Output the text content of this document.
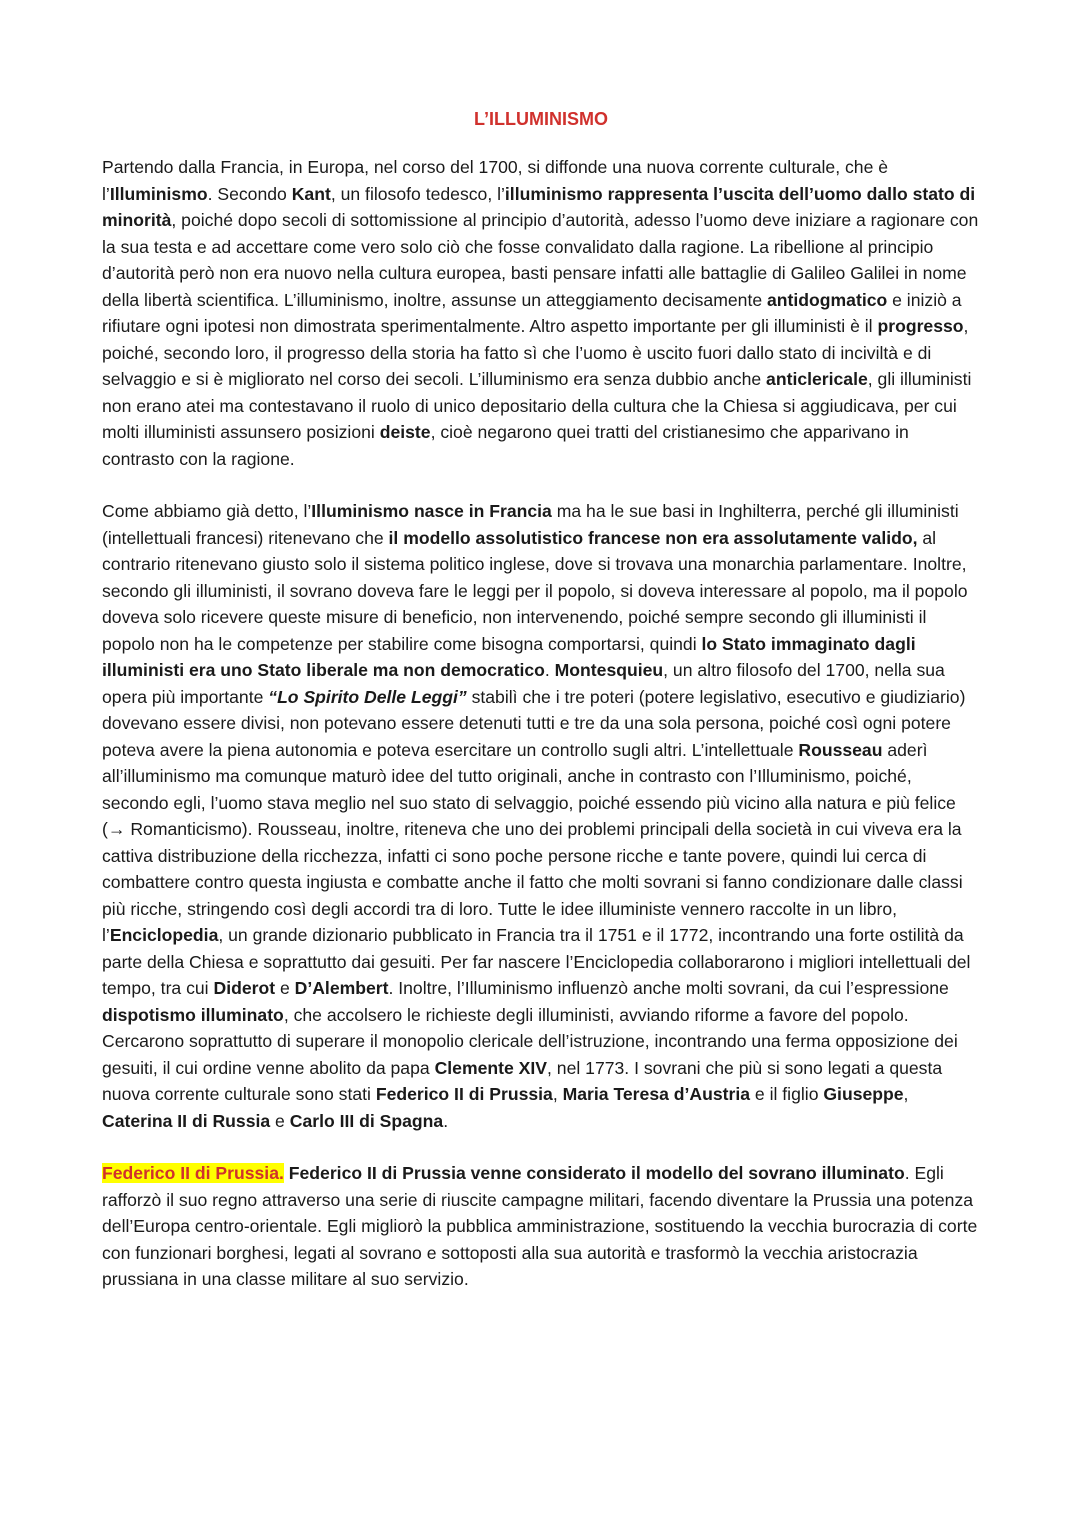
L’ILLUMINISMO

Partendo dalla Francia, in Europa, nel corso del 1700, si diffonde una nuova corrente culturale, che è l’Illuminismo. Secondo Kant, un filosofo tedesco, l’illuminismo rappresenta l’uscita dell’uomo dallo stato di minorità, poiché dopo secoli di sottomissione al principio d’autorità, adesso l’uomo deve iniziare a ragionare con la sua testa e ad accettare come vero solo ciò che fosse convalidato dalla ragione. La ribellione al principio d’autorità però non era nuovo nella cultura europea, basti pensare infatti alle battaglie di Galileo Galilei in nome della libertà scientifica. L’illuminismo, inoltre, assunse un atteggiamento decisamente antidogmatico e iniziò a rifiutare ogni ipotesi non dimostrata sperimentalmente. Altro aspetto importante per gli illuministi è il progresso, poiché, secondo loro, il progresso della storia ha fatto sì che l’uomo è uscito fuori dallo stato di inciviltà e di selvaggio e si è migliorato nel corso dei secoli. L’illuminismo era senza dubbio anche anticlericale, gli illuministi non erano atei ma contestavano il ruolo di unico depositario della cultura che la Chiesa si aggiudicava, per cui molti illuministi assunsero posizioni deiste, cioè negarono quei tratti del cristianesimo che apparivano in contrasto con la ragione.

Come abbiamo già detto, l’Illuminismo nasce in Francia ma ha le sue basi in Inghilterra, perché gli illuministi (intellettuali francesi) ritenevano che il modello assolutistico francese non era assolutamente valido, al contrario ritenevano giusto solo il sistema politico inglese, dove si trovava una monarchia parlamentare. Inoltre, secondo gli illuministi, il sovrano doveva fare le leggi per il popolo, si doveva interessare al popolo, ma il popolo doveva solo ricevere queste misure di beneficio, non intervenendo, poiché sempre secondo gli illuministi il popolo non ha le competenze per stabilire come bisogna comportarsi, quindi lo Stato immaginato dagli illuministi era uno Stato liberale ma non democratico. Montesquieu, un altro filosofo del 1700, nella sua opera più importante “Lo Spirito Delle Leggi” stabilì che i tre poteri (potere legislativo, esecutivo e giudiziario) dovevano essere divisi, non potevano essere detenuti tutti e tre da una sola persona, poiché così ogni potere poteva avere la piena autonomia e poteva esercitare un controllo sugli altri. L’intellettuale Rousseau aderì all’illuminismo ma comunque maturò idee del tutto originali, anche in contrasto con l’Illuminismo, poiché, secondo egli, l’uomo stava meglio nel suo stato di selvaggio, poiché essendo più vicino alla natura e più felice (→ Romanticismo). Rousseau, inoltre, riteneva che uno dei problemi principali della società in cui viveva era la cattiva distribuzione della ricchezza, infatti ci sono poche persone ricche e tante povere, quindi lui cerca di combattere contro questa ingiusta e combatte anche il fatto che molti sovrani si fanno condizionare dalle classi più ricche, stringendo così degli accordi tra di loro. Tutte le idee illuministe vennero raccolte in un libro, l’Enciclopedia, un grande dizionario pubblicato in Francia tra il 1751 e il 1772, incontrando una forte ostilità da parte della Chiesa e soprattutto dai gesuiti. Per far nascere l’Enciclopedia collaborarono i migliori intellettuali del tempo, tra cui Diderot e D’Alembert. Inoltre, l’Illuminismo influenzò anche molti sovrani, da cui l’espressione dispotismo illuminato, che accolsero le richieste degli illuministi, avviando riforme a favore del popolo. Cercarono soprattutto di superare il monopolio clericale dell’istruzione, incontrando una ferma opposizione dei gesuiti, il cui ordine venne abolito da papa Clemente XIV, nel 1773. I sovrani che più si sono legati a questa nuova corrente culturale sono stati Federico II di Prussia, Maria Teresa d’Austria e il figlio Giuseppe, Caterina II di Russia e Carlo III di Spagna.

Federico II di Prussia. Federico II di Prussia venne considerato il modello del sovrano illuminato. Egli rafforzò il suo regno attraverso una serie di riuscite campagne militari, facendo diventare la Prussia una potenza dell’Europa centro-orientale. Egli migliorò la pubblica amministrazione, sostituendo la vecchia burocrazia di corte con funzionari borghesi, legati al sovrano e sottoposti alla sua autorità e trasformò la vecchia aristocrazia prussiana in una classe militare al suo servizio.
